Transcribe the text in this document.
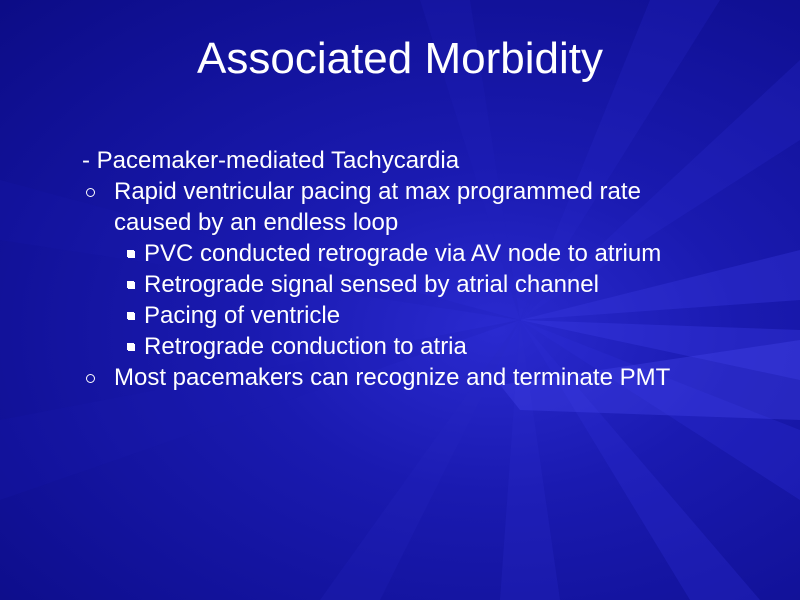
Associated Morbidity
- Pacemaker-mediated Tachycardia
Rapid ventricular pacing at max programmed rate
caused by an endless loop
PVC conducted retrograde via AV node to atrium
Retrograde signal sensed by atrial channel
Pacing of ventricle
Retrograde conduction to atria
Most pacemakers can recognize and terminate PMT
